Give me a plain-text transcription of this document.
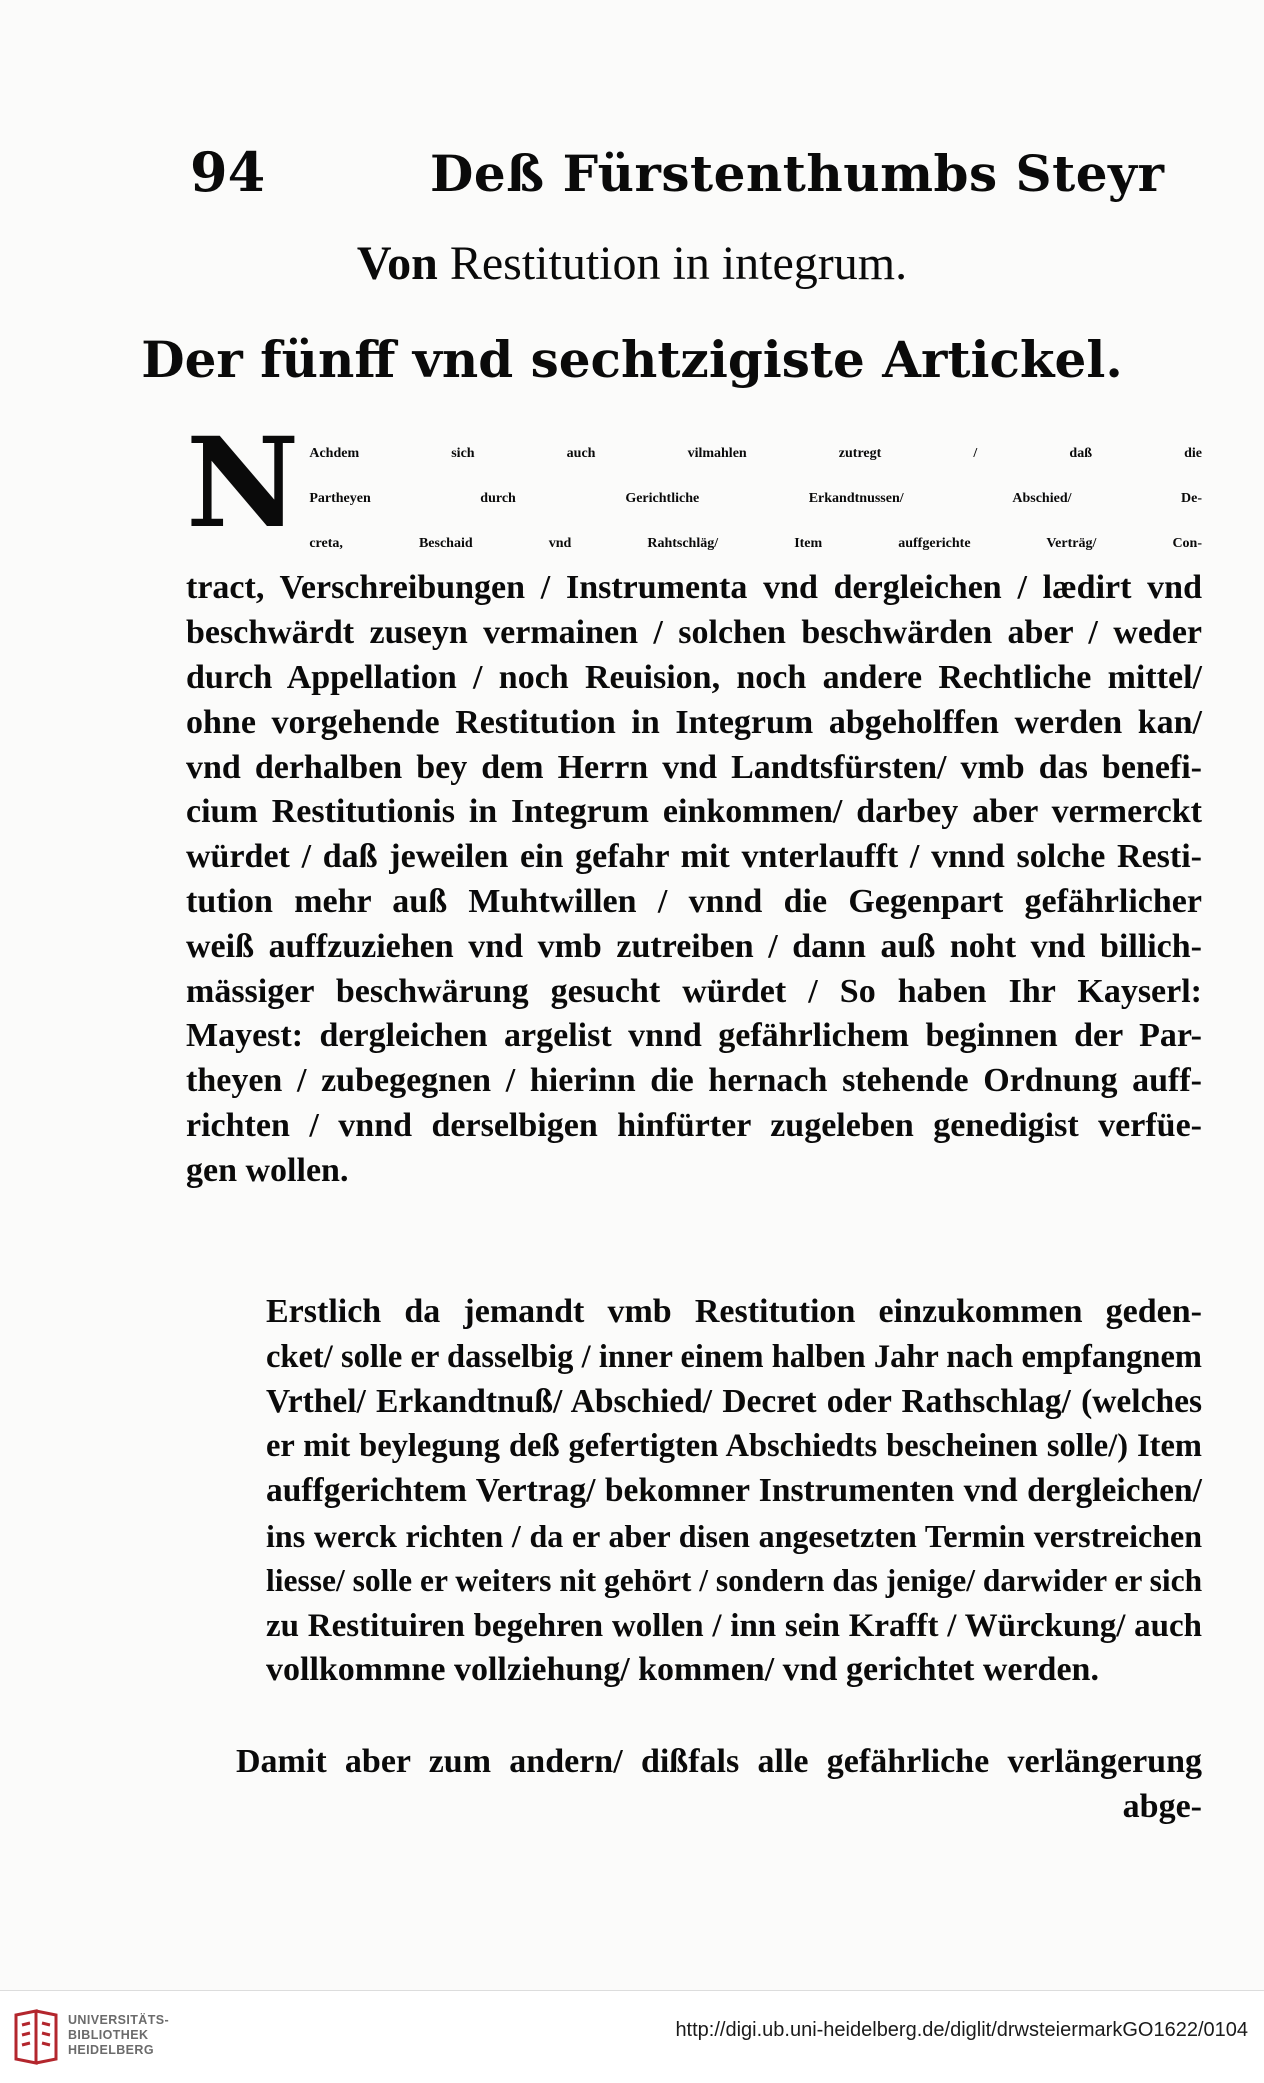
94	Deß Fürstenthumbs Steyr
Von Restitution in integrum.
Der fünff vnd sechtzigiste Artickel.
N Achdem sich auch vilmahlen zutregt / daß die
Partheyen durch Gerichtliche Erkandtnussen/ Abschied/ De-
creta, Beschaid vnd Rahtschläg/ Item auffgerichte Verträg/ Con-
tract, Verschreibungen / Instrumenta vnd dergleichen / lædirt vnd
beschwärdt zuseyn vermainen / solchen beschwärden aber / weder
durch Appellation / noch Reuision, noch andere Rechtliche mittel/
ohne vorgehende Restitution in Integrum abgeholffen werden kan/
vnd derhalben bey dem Herrn vnd Landtsfürsten/ vmb das benefi-
cium Restitutionis in Integrum einkommen/ darbey aber vermerckt
würdet / daß jeweilen ein gefahr mit vnterlaufft / vnnd solche Resti-
tution mehr auß Muhtwillen / vnnd die Gegenpart gefährlicher
weiß auffzuziehen vnd vmb zutreiben / dann auß noht vnd billich-
mässiger beschwärung gesucht würdet / So haben Ihr Kayserl:
Mayest: dergleichen argelist vnnd gefährlichem beginnen der Par-
theyen / zubegegnen / hierinn die hernach stehende Ordnung auff-
richten / vnnd derselbigen hinfürter zugeleben genedigist verfüe-
gen wollen.
Erstlich da jemandt vmb Restitution einzukommen geden-
cket/ solle er dasselbig / inner einem halben Jahr nach empfangnem
Vrthel/ Erkandtnuß/ Abschied/ Decret oder Rathschlag/ (welches
er mit beylegung deß gefertigten Abschiedts bescheinen solle/) Item
auffgerichtem Vertrag/ bekomner Instrumenten vnd dergleichen/
ins werck richten / da er aber disen angesetzten Termin verstreichen
liesse/ solle er weiters nit gehört / sondern das jenige/ darwider er sich
zu Restituiren begehren wollen / inn sein Krafft / Würckung/ auch
vollkommne vollziehung/ kommen/ vnd gerichtet werden.
Damit aber zum andern/ dißfals alle gefährliche verlängerung
abge-
UNIVERSITÄTS-
BIBLIOTHEK
HEIDELBERG
http://digi.ub.uni-heidelberg.de/diglit/drwsteiermarkGO1622/0104
